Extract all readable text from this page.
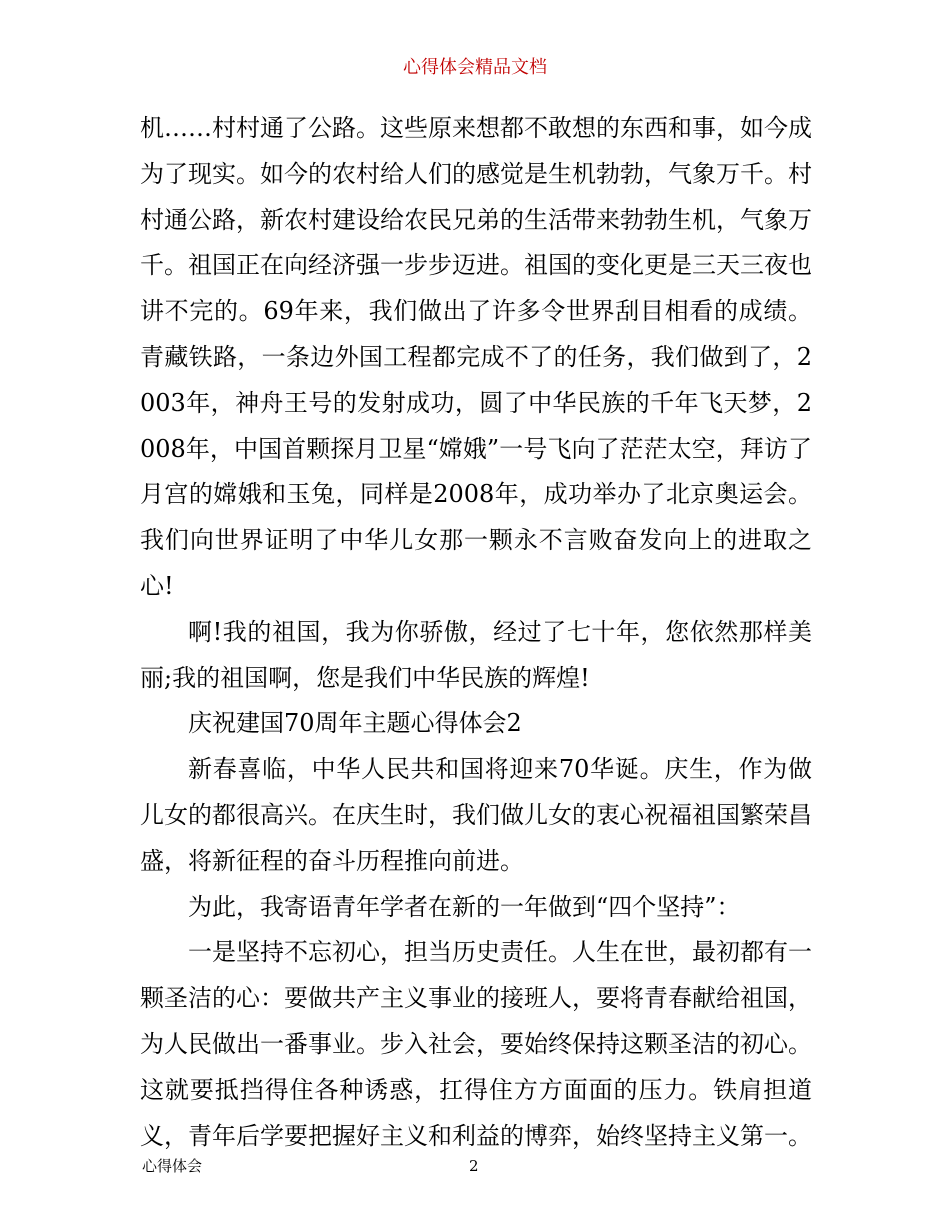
心得体会精品文档

机……村村通了公路。这些原来想都不敢想的东西和事，如今成为了现实。如今的农村给人们的感觉是生机勃勃，气象万千。村村通公路，新农村建设给农民兄弟的生活带来勃勃生机，气象万千。祖国正在向经济强一步步迈进。祖国的变化更是三天三夜也讲不完的。69年来，我们做出了许多令世界刮目相看的成绩。青藏铁路，一条边外国工程都完成不了的任务，我们做到了，2003年，神舟王号的发射成功，圆了中华民族的千年飞天梦，2008年，中国首颗探月卫星“嫦娥”一号飞向了茫茫太空，拜访了月宫的嫦娥和玉兔，同样是2008年，成功举办了北京奥运会。我们向世界证明了中华儿女那一颗永不言败奋发向上的进取之心!

啊!我的祖国，我为你骄傲，经过了七十年，您依然那样美丽;我的祖国啊，您是我们中华民族的辉煌!

庆祝建国70周年主题心得体会2

新春喜临，中华人民共和国将迎来70华诞。庆生，作为做儿女的都很高兴。在庆生时，我们做儿女的衷心祝福祖国繁荣昌盛，将新征程的奋斗历程推向前进。

为此，我寄语青年学者在新的一年做到“四个坚持”：

一是坚持不忘初心，担当历史责任。人生在世，最初都有一颗圣洁的心：要做共产主义事业的接班人，要将青春献给祖国，为人民做出一番事业。步入社会，要始终保持这颗圣洁的初心。这就要抵挡得住各种诱惑，扛得住方方面面的压力。铁肩担道义，青年后学要把握好主义和利益的博弈，始终坚持主义第一。

心得体会	2
